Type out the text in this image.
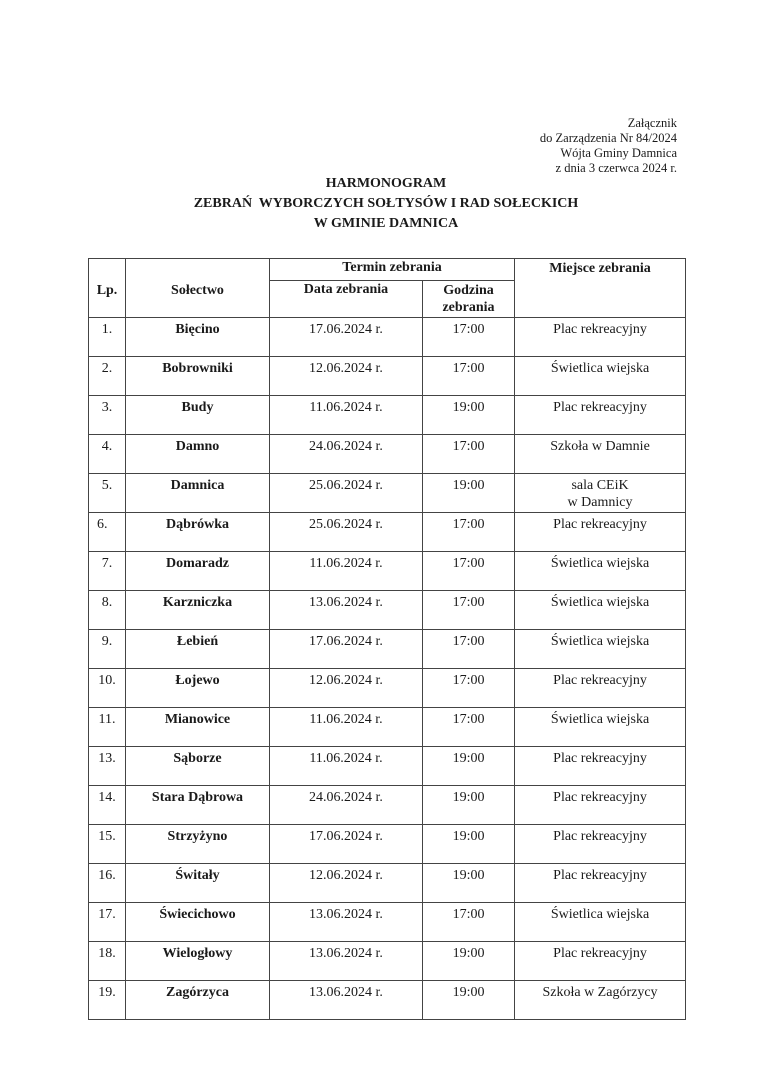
Załącznik
do Zarządzenia Nr 84/2024
Wójta Gminy Damnica
z dnia 3 czerwca 2024 r.
HARMONOGRAM
ZEBRAŃ  WYBORCZYCH SOŁTYSÓW I RAD SOŁECKICH
W GMINIE DAMNICA
Lp.	Sołectwo	Termin zebrania		Miejsce zebrania
		Data zebrania	Godzina
zebrania	

1.	Bięcino	17.06.2024 r.	17:00	Plac rekreacyjny

2.	Bobrowniki	12.06.2024 r.	17:00	Świetlica wiejska

3.	Budy	11.06.2024 r.	19:00	Plac rekreacyjny

4.	Damno	24.06.2024 r.	17:00	Szkoła w Damnie

5.	Damnica	25.06.2024 r.	19:00	sala CEiK
w Damnicy

6.	Dąbrówka	25.06.2024 r.	17:00	Plac rekreacyjny

7.	Domaradz	11.06.2024 r.	17:00	Świetlica wiejska

8.	Karzniczka	13.06.2024 r.	17:00	Świetlica wiejska

9.	Łebień	17.06.2024 r.	17:00	Świetlica wiejska

10.	Łojewo	12.06.2024 r.	17:00	Plac rekreacyjny

11.	Mianowice	11.06.2024 r.	17:00	Świetlica wiejska

13.	Sąborze	11.06.2024 r.	19:00	Plac rekreacyjny

14.	Stara Dąbrowa	24.06.2024 r.	19:00	Plac rekreacyjny

15.	Strzyżyno	17.06.2024 r.	19:00	Plac rekreacyjny

16.	Świtały	12.06.2024 r.	19:00	Plac rekreacyjny

17.	Świecichowo	13.06.2024 r.	17:00	Świetlica wiejska

18.	Wielogłowy	13.06.2024 r.	19:00	Plac rekreacyjny

19.	Zagórzyca	13.06.2024 r.	19:00	Szkoła w Zagórzycy
